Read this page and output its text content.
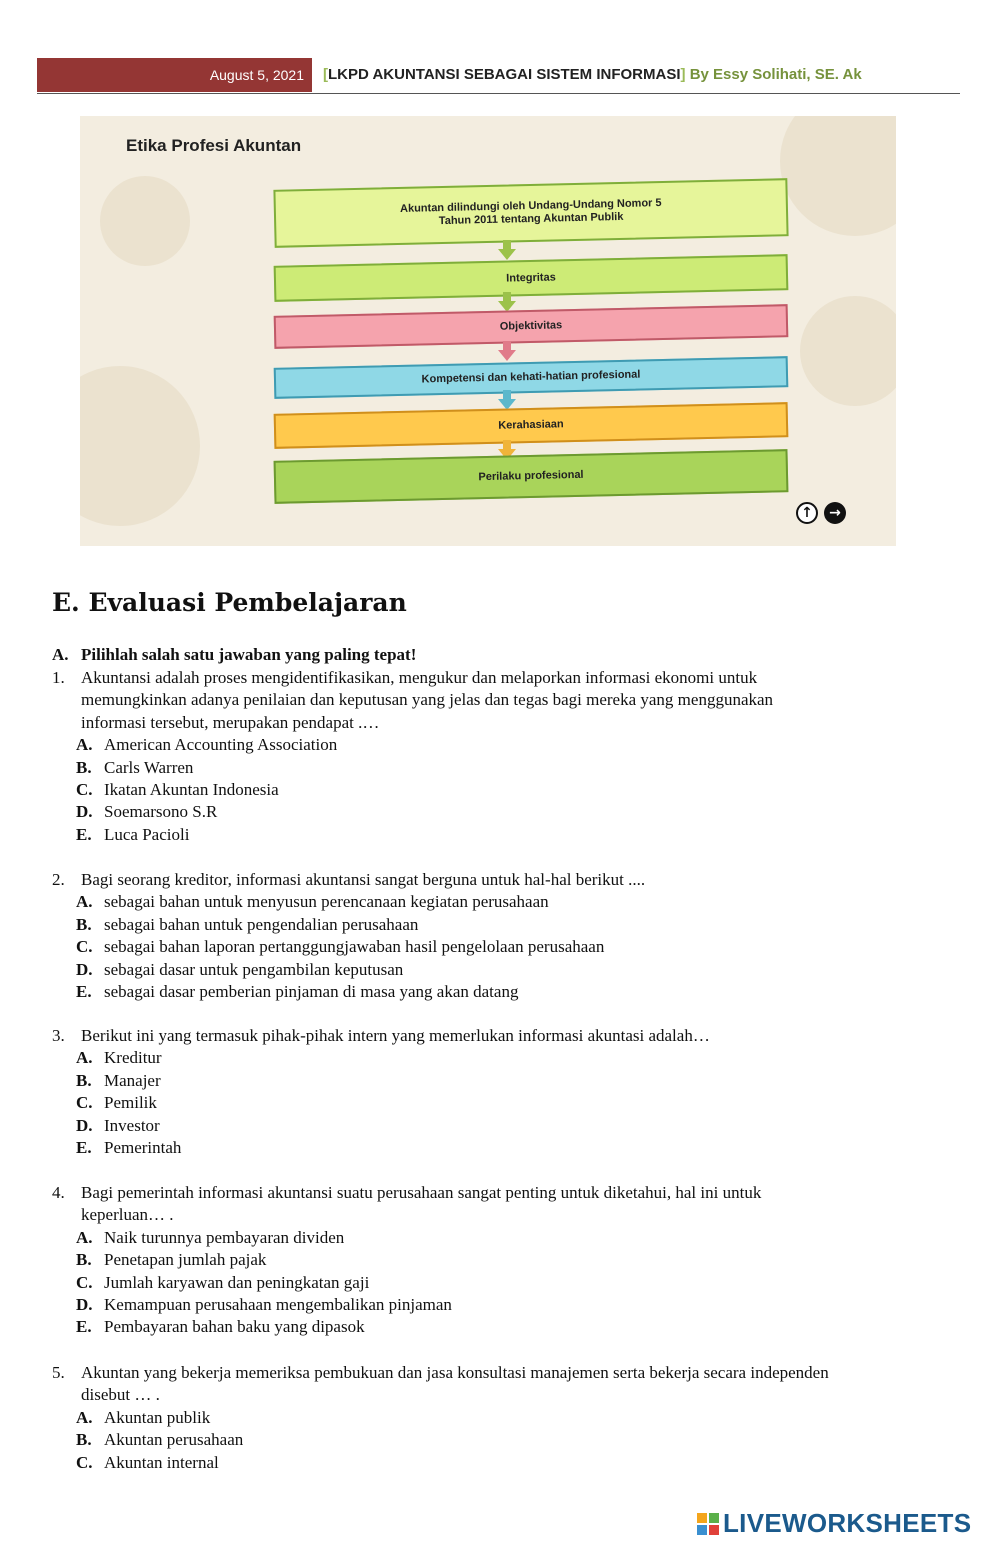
August 5, 2021	[LKPD AKUNTANSI SEBAGAI SISTEM INFORMASI] By Essy Solihati, SE. Ak
Etika Profesi Akuntan
Akuntan dilindungi oleh Undang-Undang Nomor 5
Tahun 2011 tentang Akuntan Publik
Integritas
Objektivitas
Kompetensi dan kehati-hatian profesional
Kerahasiaan
Perilaku profesional
↑	→
E. Evaluasi Pembelajaran
A. Pilihlah salah satu jawaban yang paling tepat!
1. Akuntansi adalah proses mengidentifikasikan, mengukur dan melaporkan informasi ekonomi untuk
memungkinkan adanya penilaian dan keputusan yang jelas dan tegas bagi mereka yang menggunakan
informasi tersebut, merupakan pendapat .…
A. American Accounting Association
B. Carls Warren
C. Ikatan Akuntan Indonesia
D. Soemarsono S.R
E. Luca Pacioli
2. Bagi seorang kreditor, informasi akuntansi sangat berguna untuk hal-hal berikut ....
A. sebagai bahan untuk menyusun perencanaan kegiatan perusahaan
B. sebagai bahan untuk pengendalian perusahaan
C. sebagai bahan laporan pertanggungjawaban hasil pengelolaan perusahaan
D. sebagai dasar untuk pengambilan keputusan
E. sebagai dasar pemberian pinjaman di masa yang akan datang
3. Berikut ini yang termasuk pihak-pihak intern yang memerlukan informasi akuntasi adalah…
A. Kreditur
B. Manajer
C. Pemilik
D. Investor
E. Pemerintah
4. Bagi pemerintah informasi akuntansi suatu perusahaan sangat penting untuk diketahui, hal ini untuk
keperluan… .
A. Naik turunnya pembayaran dividen
B. Penetapan jumlah pajak
C. Jumlah karyawan dan peningkatan gaji
D. Kemampuan perusahaan mengembalikan pinjaman
E. Pembayaran bahan baku yang dipasok
5. Akuntan yang bekerja memeriksa pembukuan dan jasa konsultasi manajemen serta bekerja secara independen
disebut … .
A. Akuntan publik
B. Akuntan perusahaan
C. Akuntan internal
LIVEWORKSHEETS
